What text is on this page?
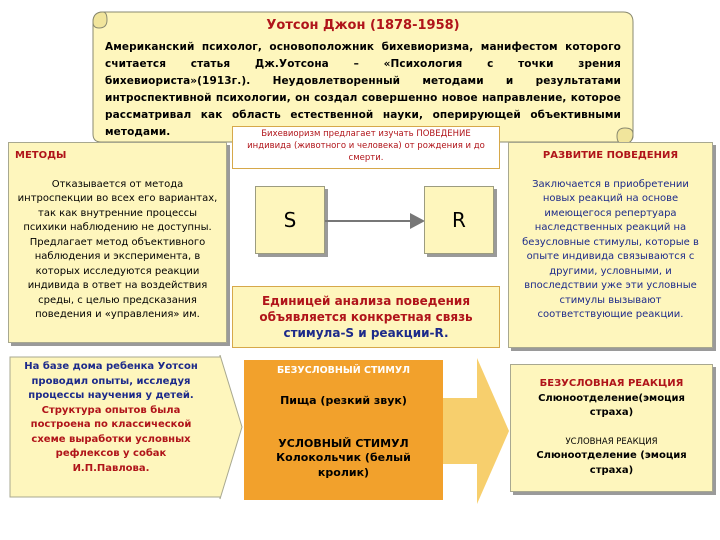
Уотсон Джон (1878-1958)
Американский психолог, основоположник бихевиоризма, манифестом которого считается статья Дж.Уотсона – «Психология с точки зрения бихевиориста»(1913г.). Неудовлетворенный методами и результатами интроспективной психологии, он создал совершенно новое направление, которое рассматривал как область естественной науки, оперирующей объективными методами.
МЕТОДЫ
Отказывается от метода интроспекции во всех его вариантах, так как внутренние процессы психики наблюдению не доступны.
Предлагает метод объективного наблюдения и эксперимента, в которых исследуются реакции индивида в ответ на воздействия среды, с целью предсказания поведения и «управления» им.
Бихевиоризм предлагает изучать ПОВЕДЕНИЕ индивида (животного и человека) от рождения и до смерти.
S	R
Единицей анализа поведения объявляется конкретная связь стимула-S и реакции-R.
РАЗВИТИЕ ПОВЕДЕНИЯ
Заключается в приобретении новых реакций на основе имеющегося репертуара наследственных реакций на безусловные стимулы, которые в опыте индивида связываются с другими, условными, и впоследствии уже эти условные стимулы вызывают соответствующие реакции.
На базе дома ребенка Уотсон проводил опыты, исследуя процессы научения у детей. Структура опытов была построена по классической схеме выработки условных рефлексов у собак И.П.Павлова.
БЕЗУСЛОВНЫЙ СТИМУЛ
Пища (резкий звук)
УСЛОВНЫЙ СТИМУЛ
Колокольчик (белый кролик)
БЕЗУСЛОВНАЯ РЕАКЦИЯ
Слюноотделение(эмоция страха)
УСЛОВНАЯ РЕАКЦИЯ
Слюноотделение (эмоция страха)
